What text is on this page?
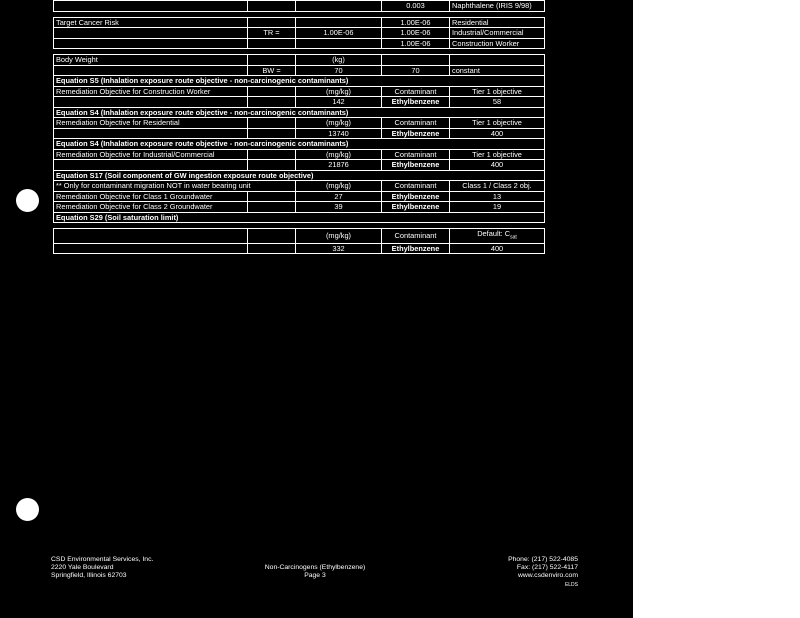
			0.003	Naphthalene (IRIS 9/98)

Target Cancer Risk			1.00E-06	Residential
	TR =	1.00E-06	1.00E-06	Industrial/Commercial
			1.00E-06	Construction Worker

Body Weight		(kg)		
	BW =	70	70	constant
Equation S5 (Inhalation exposure route objective - non-carcinogenic contaminants)				
Remediation Objective for Construction Worker		(mg/kg)	Contaminant	Tier 1 objective
		142	Ethylbenzene	58
Equation S4 (Inhalation exposure route objective - non-carcinogenic contaminants)				
Remediation Objective for Residential		(mg/kg)	Contaminant	Tier 1 objective
		13740	Ethylbenzene	400
Equation S4 (Inhalation exposure route objective - non-carcinogenic contaminants)				
Remediation Objective for Industrial/Commercial		(mg/kg)	Contaminant	Tier 1 objective
		21876	Ethylbenzene	400
Equation S17 (Soil component of GW ingestion exposure route objective)				
** Only for contaminant migration NOT in water bearing unit		(mg/kg)	Contaminant	Class 1 / Class 2 obj.
Remediation Objective for Class 1 Groundwater		27	Ethylbenzene	13
Remediation Objective for Class 2 Groundwater		39	Ethylbenzene	19
Equation S29 (Soil saturation limit)				

		(mg/kg)	Contaminant	Default: $C_{sat}$
		332	Ethylbenzene	400
CSD Environmental Services, Inc.
2220 Yale Boulevard
Springfield, Illinois 62703
Non-Carcinogens (Ethylbenzene)
Page 3
Phone: (217) 522-4085
Fax: (217) 522-4117
www.csdenviro.com
ELDS
